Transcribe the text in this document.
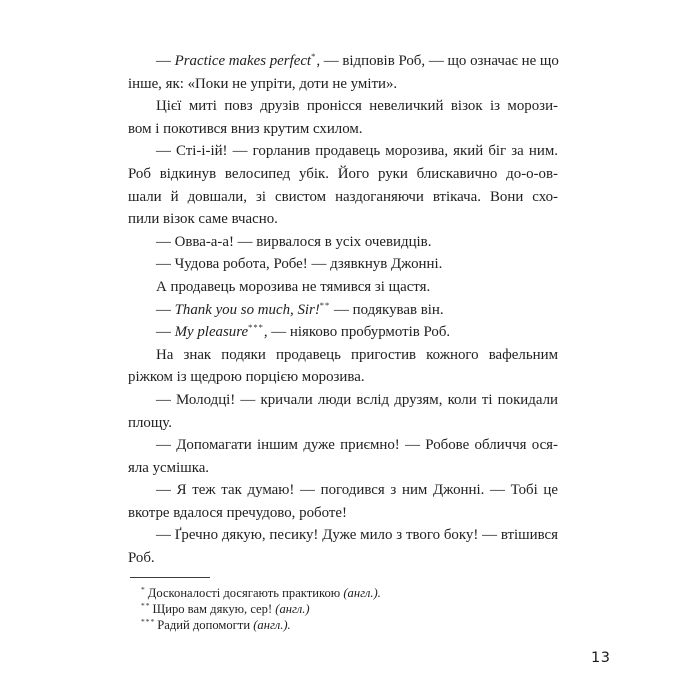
— Practice makes perfect*, — відповів Роб, — що означає не що
інше, як: «Поки не упріти, доти не уміти».
Цієї миті повз друзів пронісся невеличкий візок із морози-
вом і покотився вниз крутим схилом.
— Сті-і-ій! — горланив продавець морозива, який біг за ним.
Роб відкинув велосипед убік. Його руки блискавично до-о-ов-
шали й довшали, зі свистом наздоганяючи втікача. Вони схо-
пили візок саме вчасно.
— Овва-а-а! — вирвалося в усіх очевидців.
— Чудова робота, Робе! — дзявкнув Джонні.
А продавець морозива не тямився зі щастя.
— Thank you so much, Sir!** — подякував він.
— My pleasure***, — ніяково пробурмотів Роб.
На знак подяки продавець пригостив кожного вафельним
ріжком із щедрою порцією морозива.
— Молодці! — кричали люди вслід друзям, коли ті покидали
площу.
— Допомагати іншим дуже приємно! — Робове обличчя ося-
яла усмішка.
— Я теж так думаю! — погодився з ним Джонні. — Тобі це
вкотре вдалося пречудово, роботе!
— Ґречно дякую, песику! Дуже мило з твого боку! — втішився
Роб.
* Досконалості досягають практикою (англ.).
** Щиро вам дякую, сер! (англ.)
*** Радий допомогти (англ.).
13
